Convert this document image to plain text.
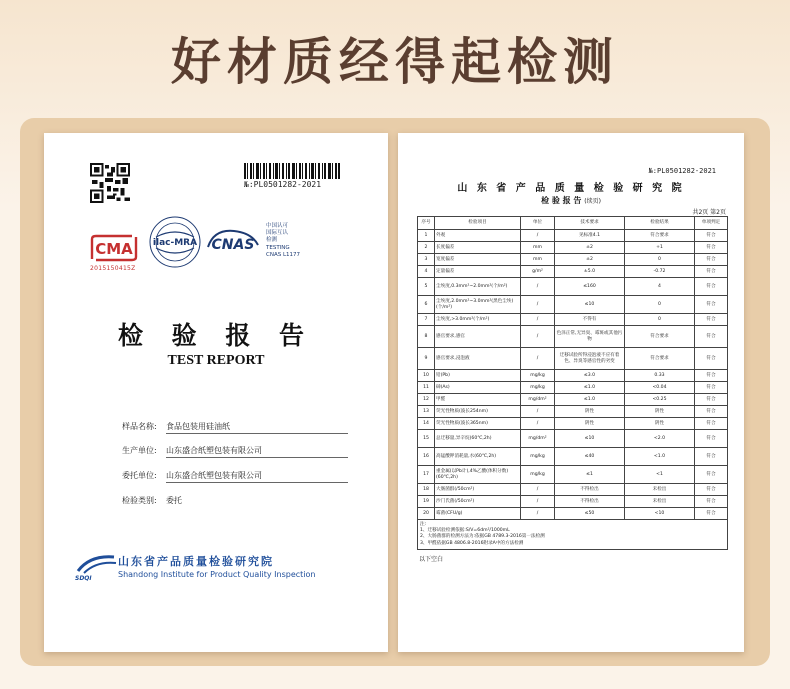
好材质经得起检测
№:PL0501282-2021
CMA
2015150415Z
ilac-MRA CNAS
中国认可
国际互认
检测
TESTING
CNAS L1177
检 验 报 告
TEST REPORT
样品名称: 食品包装用硅油纸
生产单位: 山东盛合纸塑包装有限公司
委托单位: 山东盛合纸塑包装有限公司
检验类别: 委托
SDQI
山东省产品质量检验研究院
Shandong Institute for Product Quality Inspection
№:PL0501282-2021
山 东 省 产 品 质 量 检 验 研 究 院
检 验 报 告 (续页)
共2页 第2页
序号	检验项目	单位	技术要求	检验结果	单项判定
1	外观	/	见标准4.1	符合要求	符合
2	长度偏差	mm	±2	+1	符合
3	宽度偏差	mm	±2	0	符合
4	定量偏差	g/m²	±5.0	-0.72	符合
5	尘埃度,0.3mm²~2.0mm²(个/m²)	/	≤160	4	符合
6	尘埃度,2.0mm²~3.0mm²(黑色尘埃)(个/m²)	/	≤10	0	符合
7	尘埃度,>3.0mm²(个/m²)	/	不得有	0	符合
8	感官要求,感官	/	色泽正常,无异臭、霉斑或其他污物	符合要求	符合
9	感官要求,浸泡液	/	迁移试验所得浸泡液不应有着色、异臭等感官性的劣变	符合要求	符合
10	铅(Pb)	mg/kg	≤3.0	0.33	符合
11	砷(As)	mg/kg	≤1.0	<0.04	符合
12	甲醛	mg/dm²	≤1.0	<0.25	符合
13	荧光性物质(波长254nm)	/	阴性	阴性	符合
14	荧光性物质(波长365nm)	/	阴性	阴性	符合
15	总迁移量,异辛烷(60℃,2h)	mg/dm²	≤10	<2.0	符合
16	高锰酸钾消耗量,水(60℃,2h)	mg/kg	≤40	<1.0	符合
17	重金属(以Pb计),4%乙酸(体积分数)(60℃,2h)	mg/kg	≤1	<1	符合
18	大肠菌群(/50cm²)	/	不得检出	未检出	符合
19	沙门氏菌(/50cm²)	/	不得检出	未检出	符合
20	霉菌(CFU/g)	/	≤50	<10	符合

注:
1、迁移试验检测依据:S/V=6dm²/1000mL
2、大肠菌群的检测方法为:依据GB 4789.3-2016第一法检测
3、甲醛依据GB 4806.8-2016附录A中的方法检测					
以下空白
